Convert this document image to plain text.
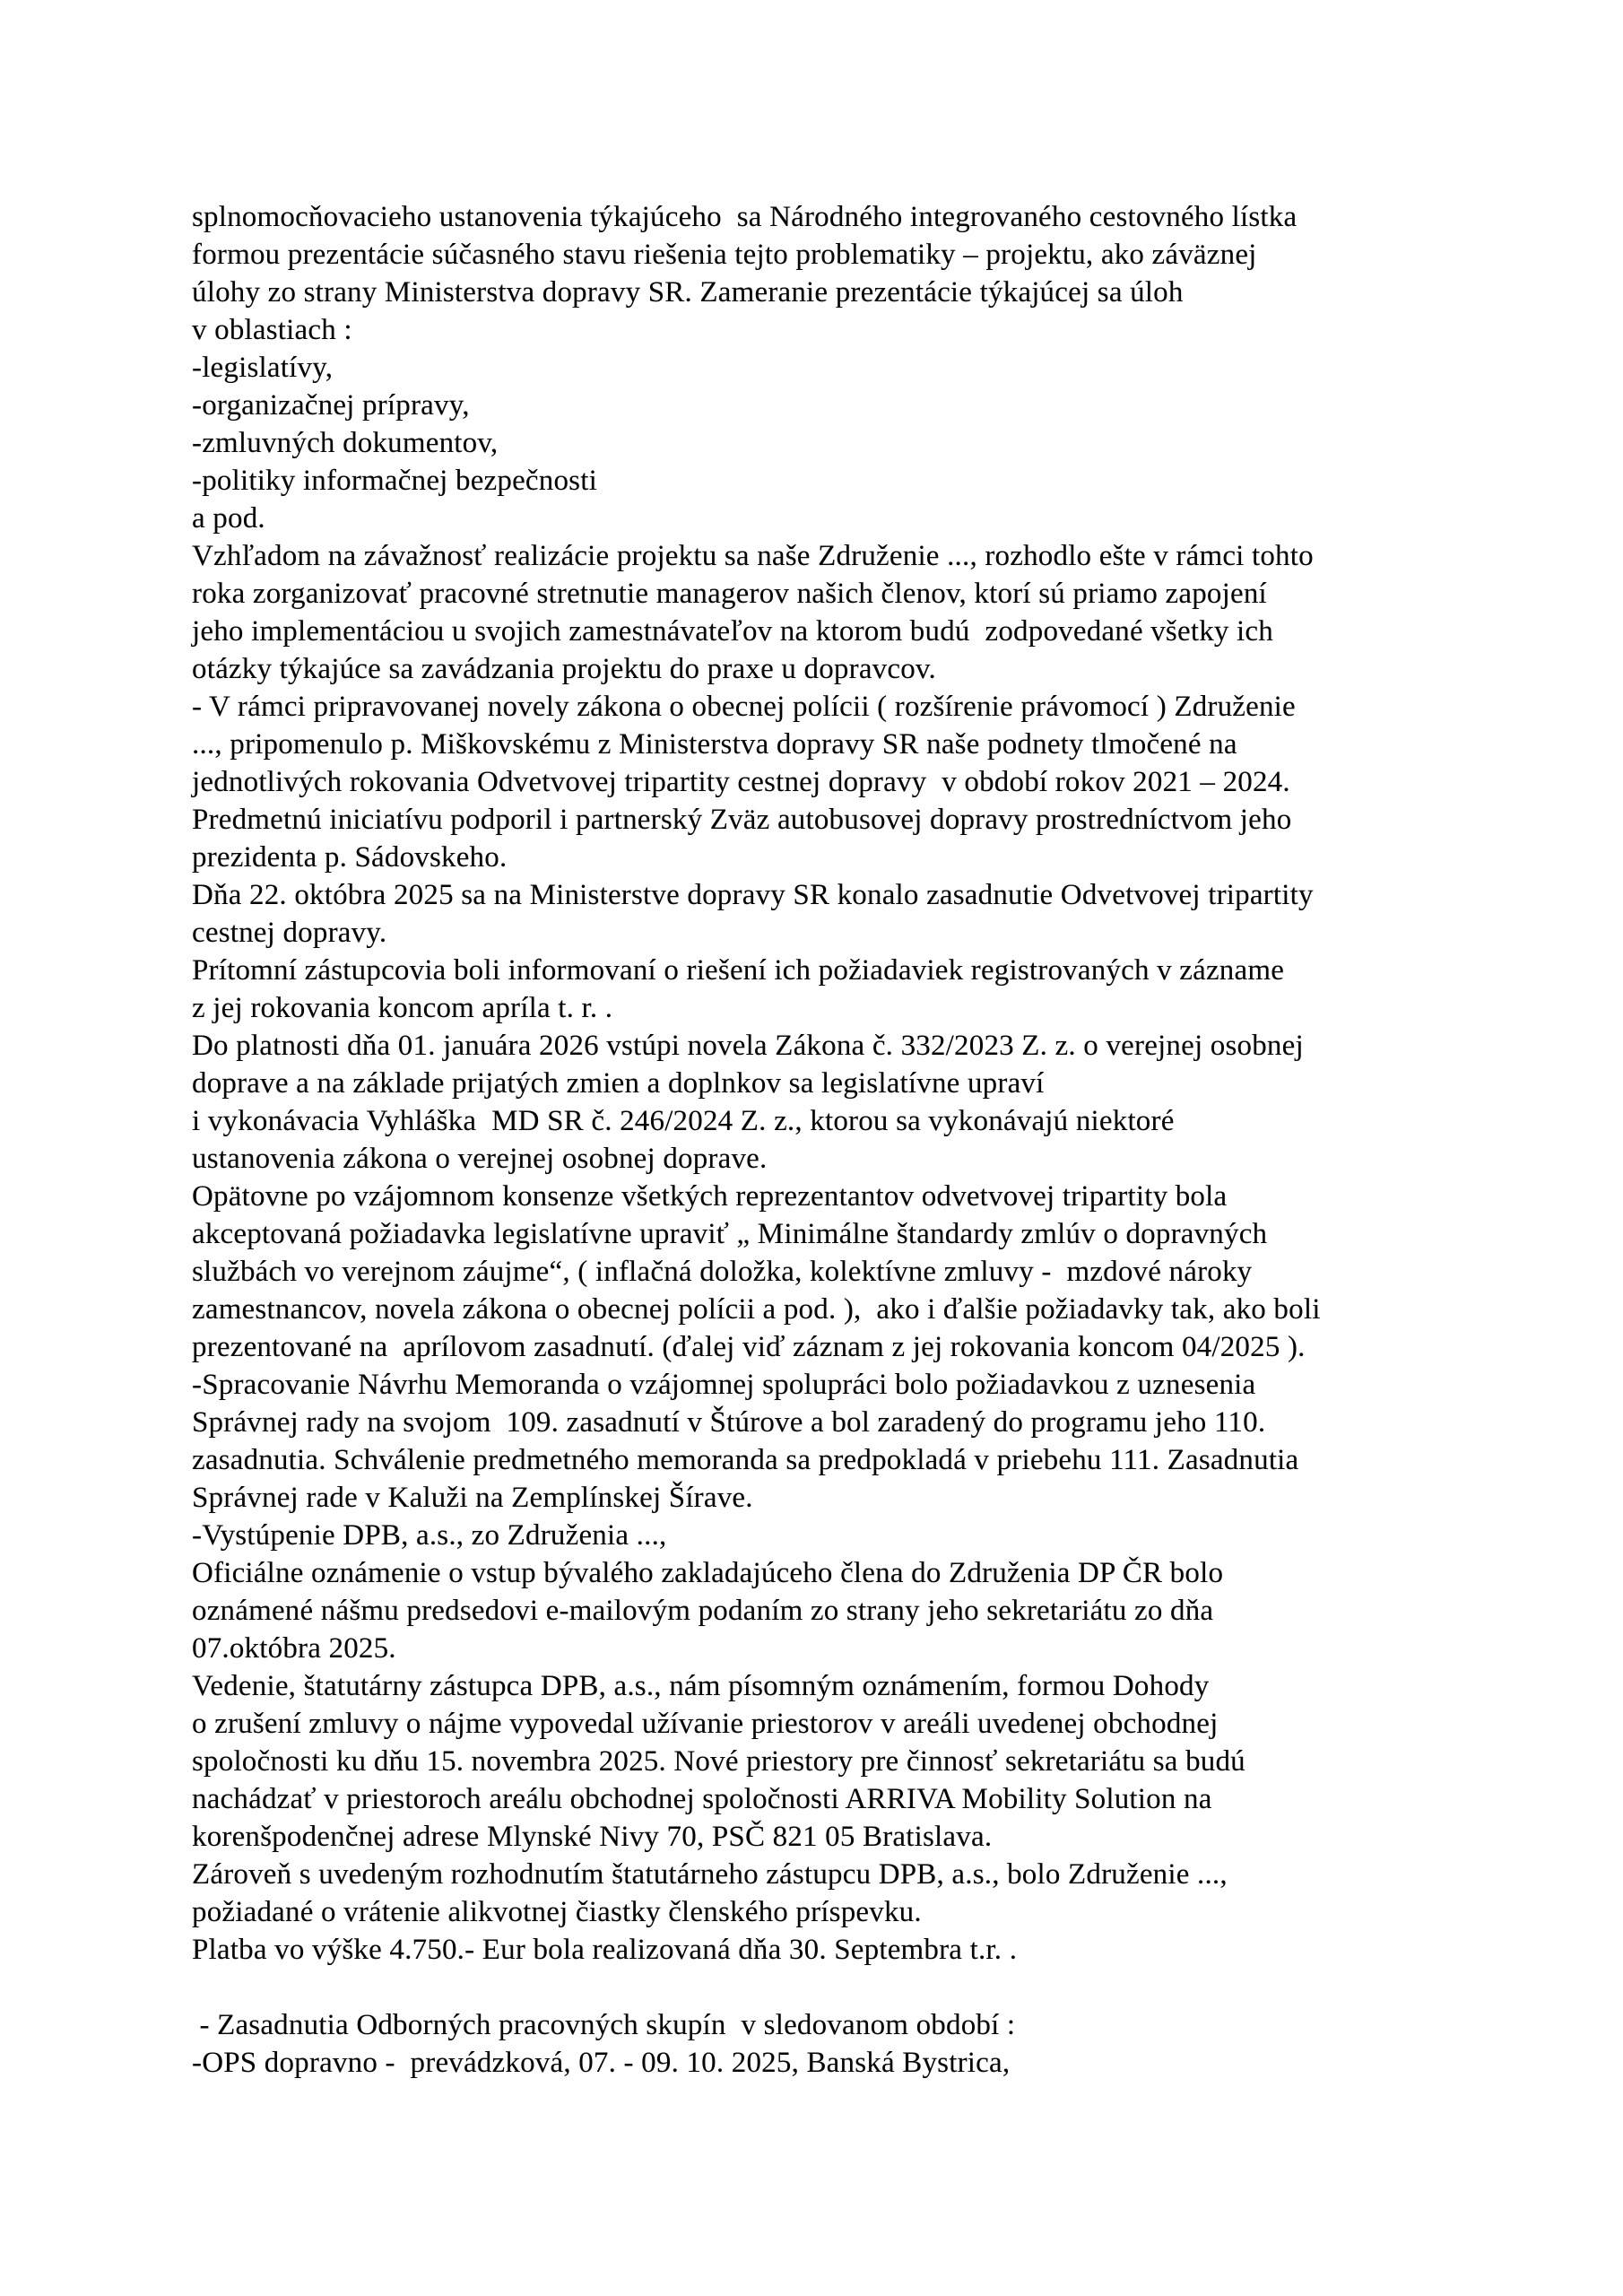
splnomocňovacieho ustanovenia týkajúceho  sa Národného integrovaného cestovného lístka
formou prezentácie súčasného stavu riešenia tejto problematiky – projektu, ako záväznej
úlohy zo strany Ministerstva dopravy SR. Zameranie prezentácie týkajúcej sa úloh
v oblastiach :
-legislatívy,
-organizačnej prípravy,
-zmluvných dokumentov,
-politiky informačnej bezpečnosti
a pod.
Vzhľadom na závažnosť realizácie projektu sa naše Združenie ..., rozhodlo ešte v rámci tohto
roka zorganizovať pracovné stretnutie managerov našich členov, ktorí sú priamo zapojení
jeho implementáciou u svojich zamestnávateľov na ktorom budú  zodpovedané všetky ich
otázky týkajúce sa zavádzania projektu do praxe u dopravcov.
- V rámci pripravovanej novely zákona o obecnej polícii ( rozšírenie právomocí ) Združenie
..., pripomenulo p. Miškovskému z Ministerstva dopravy SR naše podnety tlmočené na
jednotlivých rokovania Odvetvovej tripartity cestnej dopravy  v období rokov 2021 – 2024.
Predmetnú iniciatívu podporil i partnerský Zväz autobusovej dopravy prostredníctvom jeho
prezidenta p. Sádovskeho.
Dňa 22. októbra 2025 sa na Ministerstve dopravy SR konalo zasadnutie Odvetvovej tripartity
cestnej dopravy.
Prítomní zástupcovia boli informovaní o riešení ich požiadaviek registrovaných v zázname
z jej rokovania koncom apríla t. r. .
Do platnosti dňa 01. januára 2026 vstúpi novela Zákona č. 332/2023 Z. z. o verejnej osobnej
doprave a na základe prijatých zmien a doplnkov sa legislatívne upraví
i vykonávacia Vyhláška  MD SR č. 246/2024 Z. z., ktorou sa vykonávajú niektoré
ustanovenia zákona o verejnej osobnej doprave.
Opätovne po vzájomnom konsenze všetkých reprezentantov odvetvovej tripartity bola
akceptovaná požiadavka legislatívne upraviť „ Minimálne štandardy zmlúv o dopravných
službách vo verejnom záujme“, ( inflačná doložka, kolektívne zmluvy -  mzdové nároky
zamestnancov, novela zákona o obecnej polícii a pod. ),  ako i ďalšie požiadavky tak, ako boli
prezentované na  aprílovom zasadnutí. (ďalej viď záznam z jej rokovania koncom 04/2025 ).
-Spracovanie Návrhu Memoranda o vzájomnej spolupráci bolo požiadavkou z uznesenia
Správnej rady na svojom  109. zasadnutí v Štúrove a bol zaradený do programu jeho 110.
zasadnutia. Schválenie predmetného memoranda sa predpokladá v priebehu 111. Zasadnutia
Správnej rade v Kaluži na Zemplínskej Šírave.
-Vystúpenie DPB, a.s., zo Združenia ...,
Oficiálne oznámenie o vstup bývalého zakladajúceho člena do Združenia DP ČR bolo
oznámené nášmu predsedovi e-mailovým podaním zo strany jeho sekretariátu zo dňa
07.októbra 2025.
Vedenie, štatutárny zástupca DPB, a.s., nám písomným oznámením, formou Dohody
o zrušení zmluvy o nájme vypovedal užívanie priestorov v areáli uvedenej obchodnej
spoločnosti ku dňu 15. novembra 2025. Nové priestory pre činnosť sekretariátu sa budú
nachádzať v priestoroch areálu obchodnej spoločnosti ARRIVA Mobility Solution na
korenšpodenčnej adrese Mlynské Nivy 70, PSČ 821 05 Bratislava.
Zároveň s uvedeným rozhodnutím štatutárneho zástupcu DPB, a.s., bolo Združenie ...,
požiadané o vrátenie alikvotnej čiastky členského príspevku.
Platba vo výške 4.750.- Eur bola realizovaná dňa 30. Septembra t.r. .

- Zasadnutia Odborných pracovných skupín  v sledovanom období :
-OPS dopravno -  prevádzková, 07. - 09. 10. 2025, Banská Bystrica,
